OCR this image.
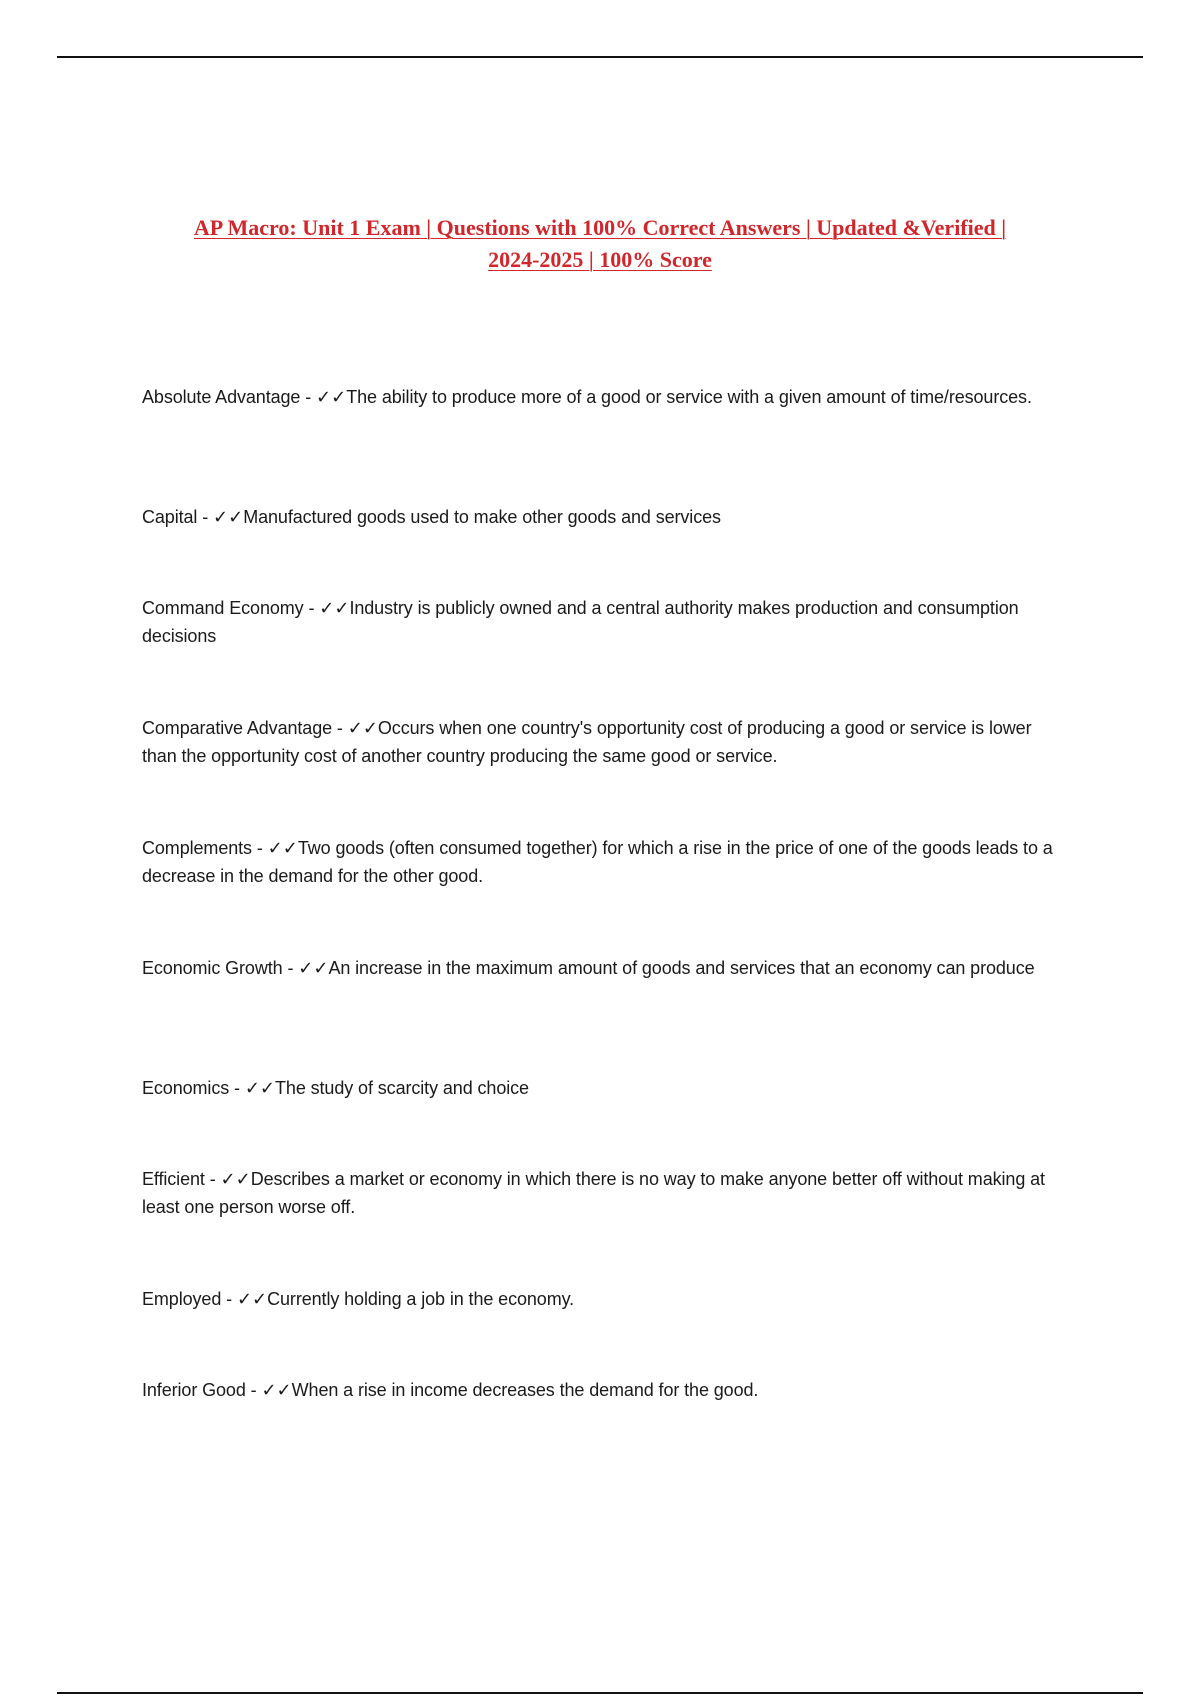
AP Macro: Unit 1 Exam | Questions with 100% Correct Answers | Updated &Verified |
2024-2025 | 100% Score
Absolute Advantage - ✓✓The ability to produce more of a good or service with a given amount of time/resources.
Capital - ✓✓Manufactured goods used to make other goods and services
Command Economy - ✓✓Industry is publicly owned and a central authority makes production and consumption decisions
Comparative Advantage - ✓✓Occurs when one country's opportunity cost of producing a good or service is lower than the opportunity cost of another country producing the same good or service.
Complements - ✓✓Two goods (often consumed together) for which a rise in the price of one of the goods leads to a decrease in the demand for the other good.
Economic Growth - ✓✓An increase in the maximum amount of goods and services that an economy can produce
Economics - ✓✓The study of scarcity and choice
Efficient - ✓✓Describes a market or economy in which there is no way to make anyone better off without making at least one person worse off.
Employed - ✓✓Currently holding a job in the economy.
Inferior Good - ✓✓When a rise in income decreases the demand for the good.
